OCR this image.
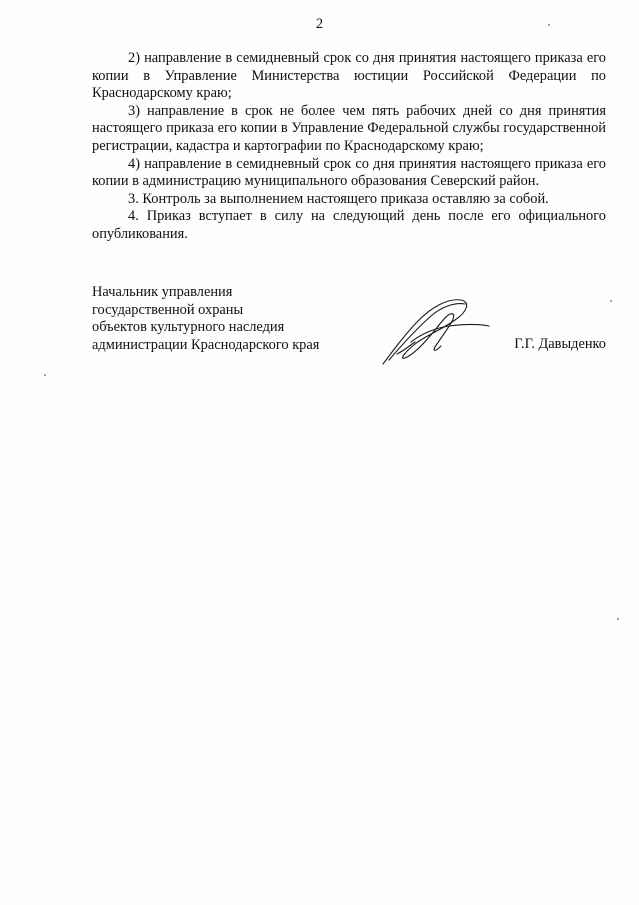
2

2) направление в семидневный срок со дня принятия настоящего приказа его копии в Управление Министерства юстиции Российской Федерации по Краснодарскому краю;

3) направление в срок не более чем пять рабочих дней со дня принятия настоящего приказа его копии в Управление Федеральной службы государственной регистрации, кадастра и картографии по Краснодарскому краю;

4) направление в семидневный срок со дня принятия настоящего приказа его копии в администрацию муниципального образования Северский район.

3. Контроль за выполнением настоящего приказа оставляю за собой.

4. Приказ вступает в силу на следующий день после его официального опубликования.

Начальник управления
государственной охраны
объектов культурного наследия
администрации Краснодарского края	Г.Г. Давыденко
